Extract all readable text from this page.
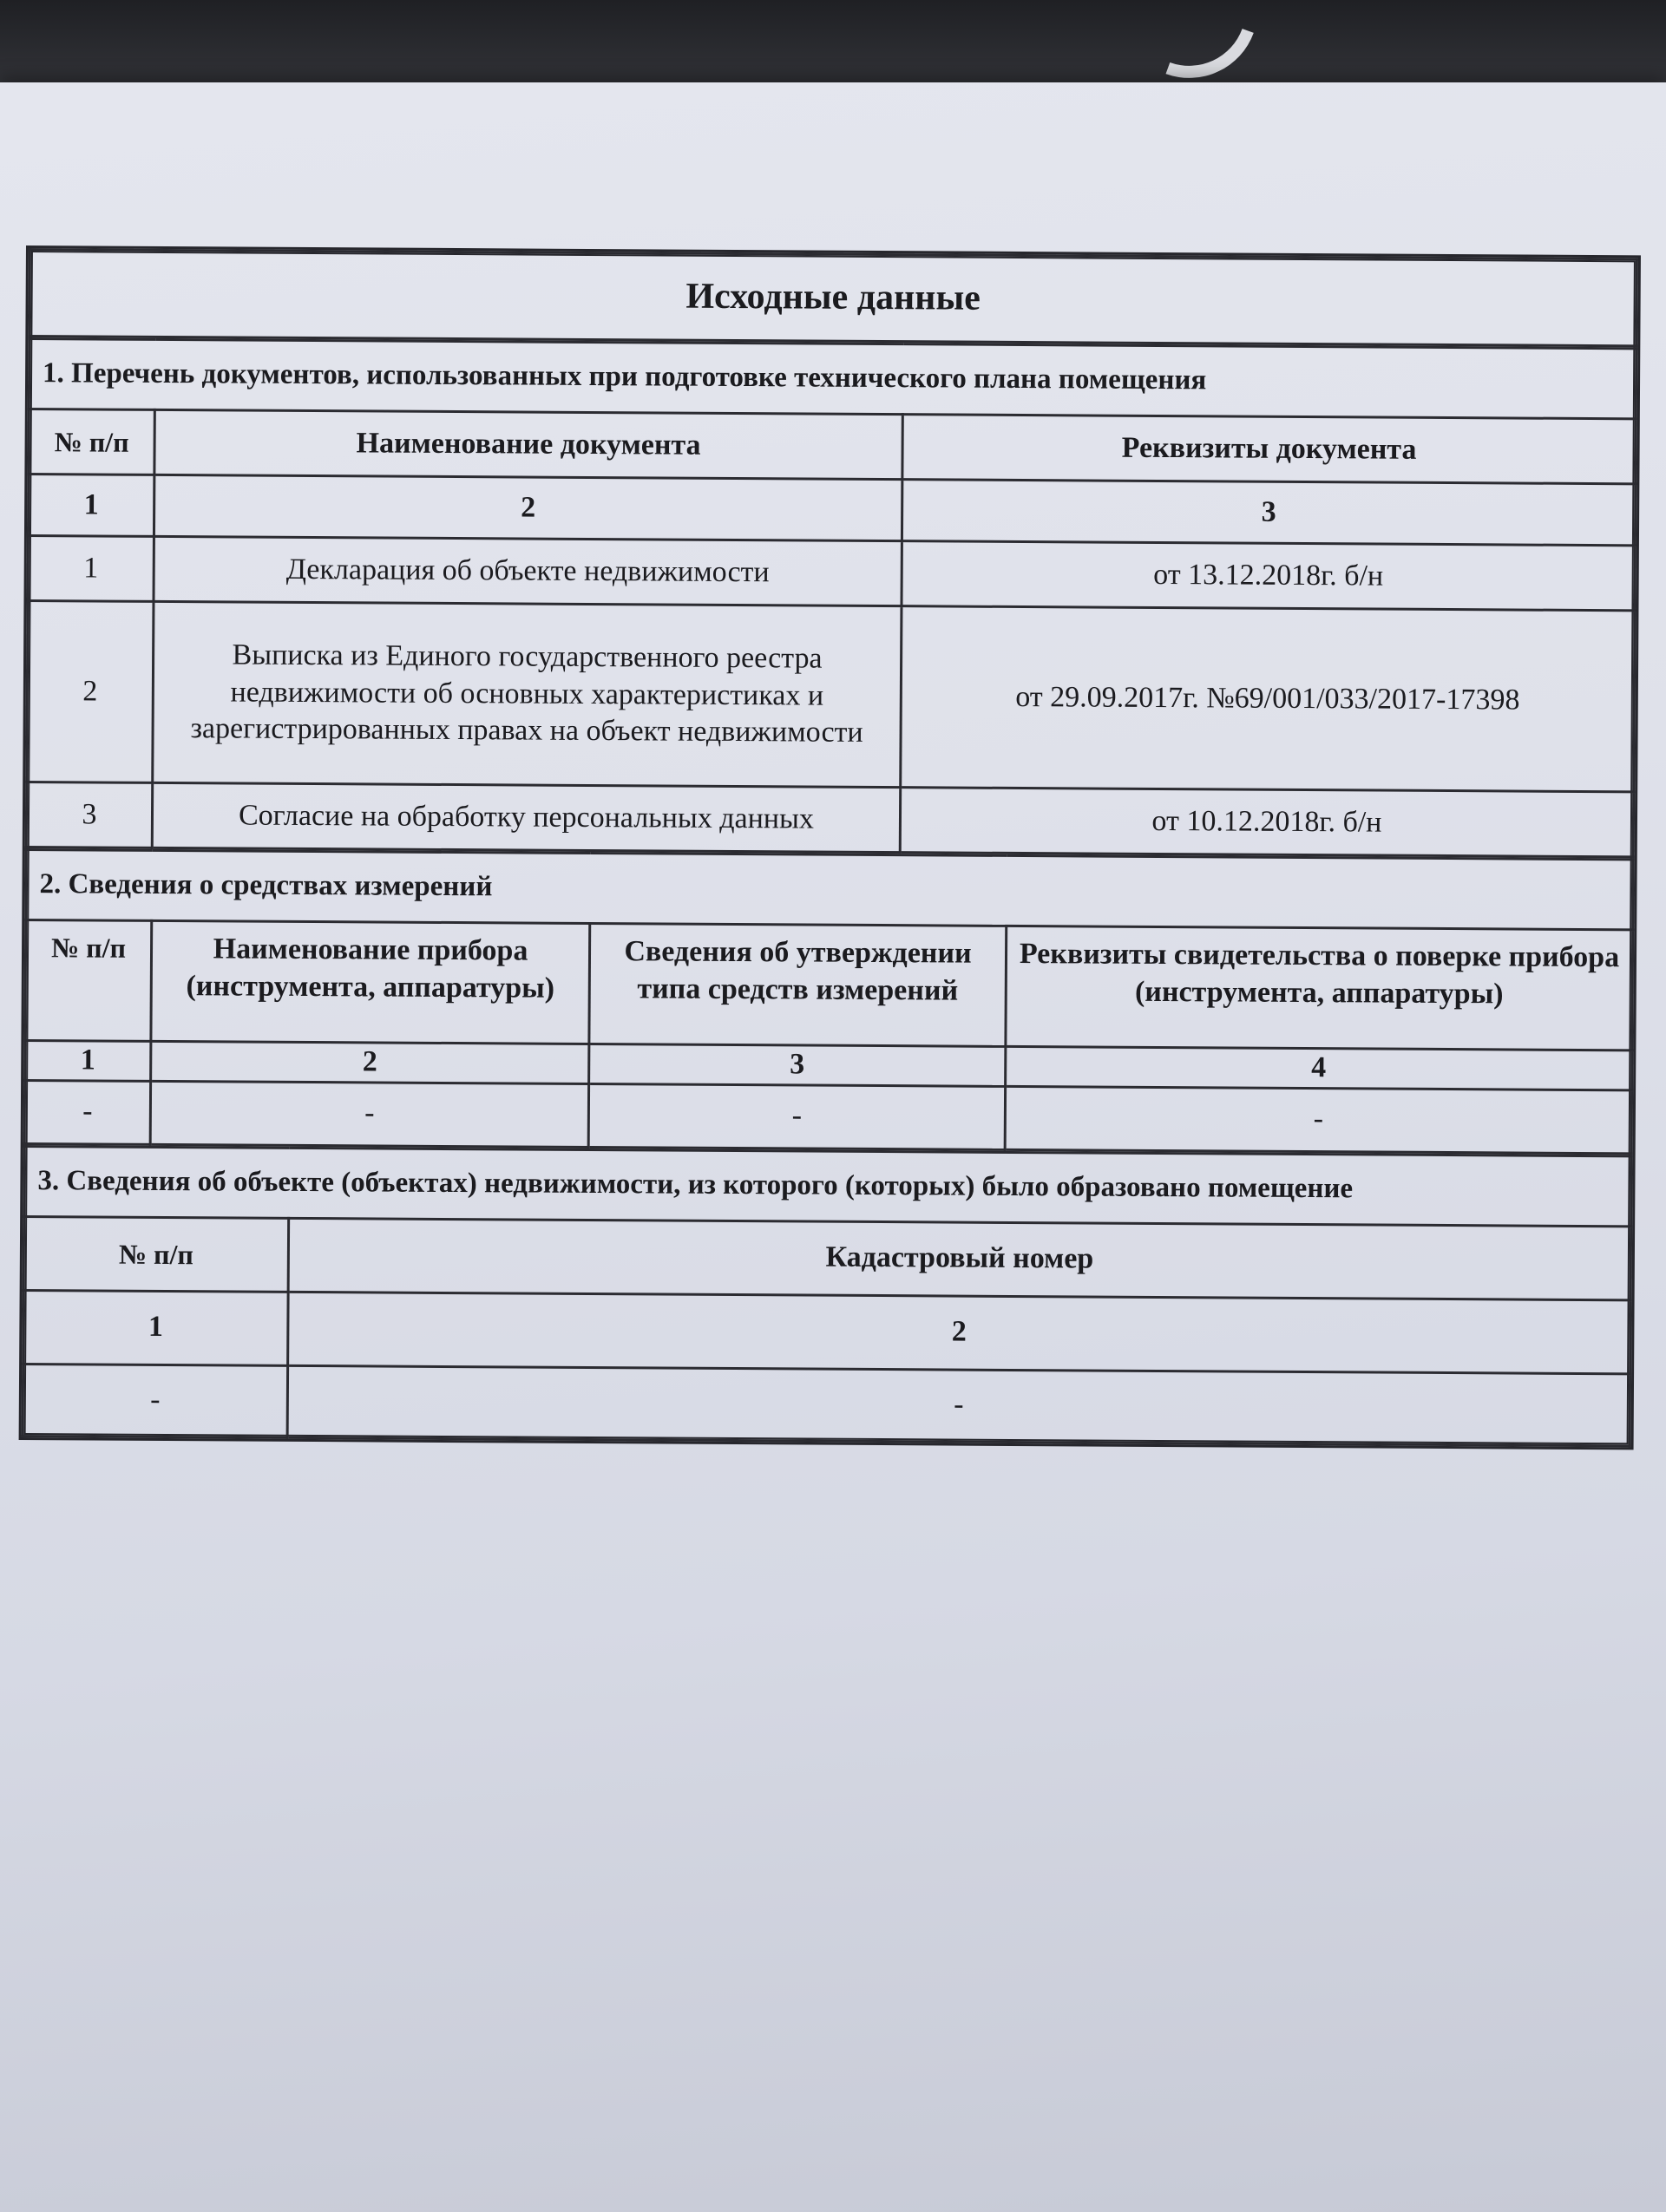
Исходные данные
1. Перечень документов, использованных при подготовке технического плана помещения		
№ п/п	Наименование документа	Реквизиты документа
1	2	3
1	Декларация об объекте недвижимости	от 13.12.2018г. б/н
2	Выписка из Единого государственного реестра недвижимости об основных характеристиках и зарегистрированных правах на объект недвижимости	от 29.09.2017г. №69/001/033/2017-17398
3	Согласие на обработку персональных данных	от 10.12.2018г. б/н
2. Сведения о средствах измерений			
№ п/п	Наименование прибора (инструмента, аппаратуры)	Сведения об утверждении типа средств измерений	Реквизиты свидетельства о поверке прибора (инструмента, аппаратуры)
1	2	3	4
-	-	-	-
3. Сведения об объекте (объектах) недвижимости, из которого (которых) было образовано помещение	
№ п/п	Кадастровый номер
1	2
-	-
